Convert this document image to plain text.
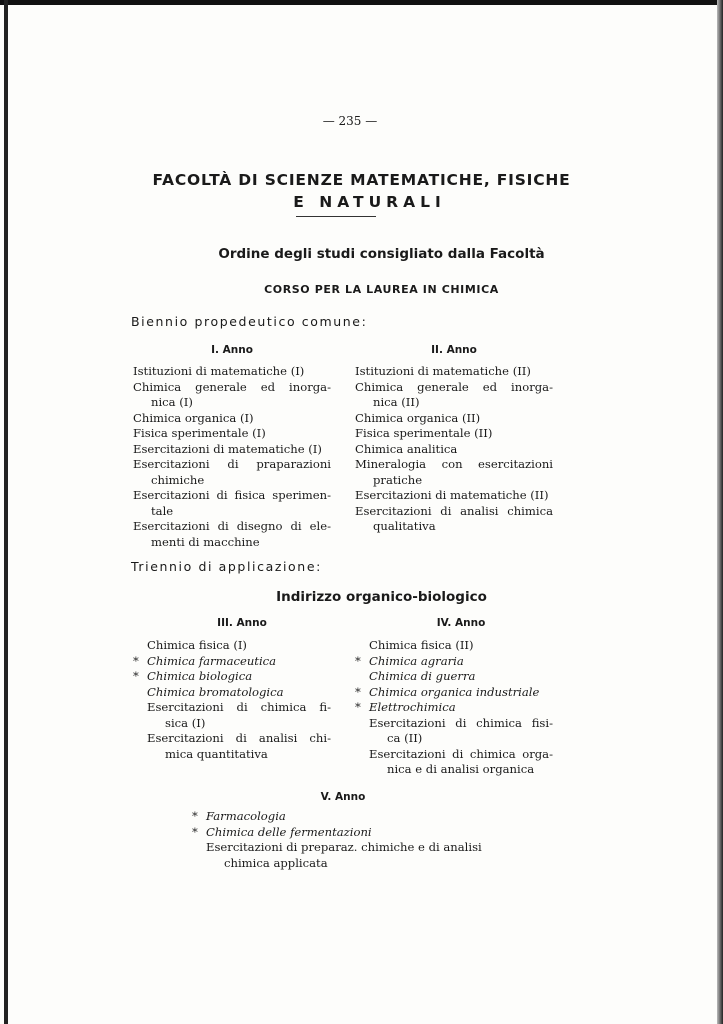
— 235 —
FACOLTÀ DI SCIENZE MATEMATICHE, FISICHE
E NATURALI
Ordine degli studi consigliato dalla Facoltà
CORSO PER LA LAUREA IN CHIMICA
Biennio propedeutico comune:
I. Anno	II. Anno
Istituzioni di matematiche (I)
Chimica generale ed inorga-
nica (I)
Chimica organica (I)
Fisica sperimentale (I)
Esercitazioni di matematiche (I)
Esercitazioni di praparazioni
chimiche
Esercitazioni di fisica sperimen-
tale
Esercitazioni di disegno di ele-
menti di macchine
Istituzioni di matematiche (II)
Chimica generale ed inorga-
nica (II)
Chimica organica (II)
Fisica sperimentale (II)
Chimica analitica
Mineralogia con esercitazioni
pratiche
Esercitazioni di matematiche (II)
Esercitazioni di analisi chimica
qualitativa
Triennio di applicazione:
Indirizzo organico-biologico
III. Anno	IV. Anno
Chimica fisica (I)
* Chimica farmaceutica
* Chimica biologica
Chimica bromatologica
Esercitazioni di chimica fi-
sica (I)
Esercitazioni di analisi chi-
mica quantitativa
Chimica fisica (II)
* Chimica agraria
Chimica di guerra
* Chimica organica industriale
* Elettrochimica
Esercitazioni di chimica fisi-
ca (II)
Esercitazioni di chimica orga-
nica e di analisi organica
V. Anno
* Farmacologia
* Chimica delle fermentazioni
Esercitazioni di preparaz. chimiche e di analisi
chimica applicata
